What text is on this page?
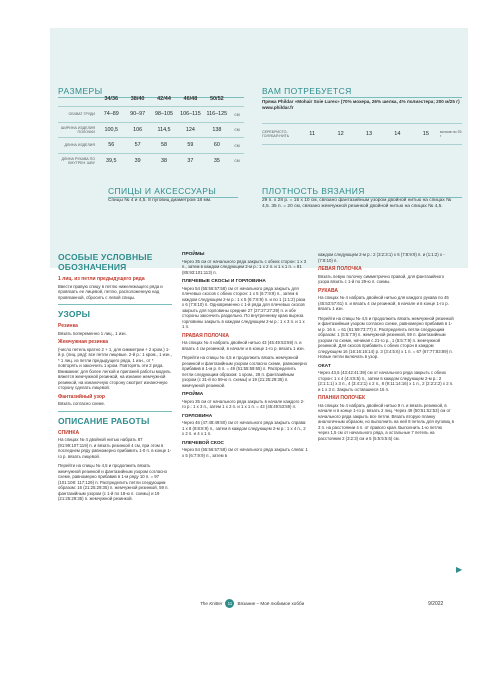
РАЗМЕРЫ	ВАМ ПОТРЕБУЕТСЯ
34/36	38/40	42/44	46/48	50/52
ОБХВАТ ГРУДИ	74–89	90–97	98–105	106–115	116–125	см
ШИРИНА ИЗДЕЛИЯ ПОЛОЧКИ	100,5	106	114,5	124	138	см
ДЛИНА ИЗДЕЛИЯ	56	57	58	59	60	см
ДЛИНА РУКАВА ПО ВНУТРЕН. ШВУ	39,5	39	38	37	35	см
Пряжа Phildar «Mohair Soie Lurex» (70% мохера, 26% шелка, 4% полиэстера; 200 м/25 г)
www.phildar.fr
СЕРЕБРИСТО-ГОЛУБАЯ НИТЬ	11	12	13	14	15	мотков по 25 г
СПИЦЫ И АКСЕССУАРЫ
Спицы № 4 и 4,5. 8 пуговиц диаметром 18 мм.
ПЛОТНОСТЬ ВЯЗАНИЯ
29 п. х 28 р. = 15 х 10 см, связано фантазийным узором двойной нитью на спицах № 4,5. 35 п. = 20 см, связано жемчужной резинкой двойной нитью на спицах № 4,5.
ОСОБЫЕ УСЛОВНЫЕ ОБОЗНАЧЕНИЯ
1 лиц. из петли предыдущего ряда

Ввести правую спицу в петлю нижележащего ряда и провязать ее лицевой, петлю, расположенную над провязанной, сбросить с левой спицы.

УЗОРЫ
Резинка

Вязать попеременно 1 лиц., 1 изн.

Жемчужная резинка

(число петель кратно 2 + 1, для симметрии + 2 кром.) 1-й р. (лиц. ряд): все петли лицевые. 2-й р.: 1 кром., 1 изн., * 1 лиц. из петли предыдущего ряда, 1 изн., от * повторять и закончить 1 кром. Повторять эти 2 ряда. Внимание: для более легкой и пригожей работы модель вяжется жемчужной резинкой, на изнанке жемчужной резинкой, на изнаночную сторону смотрит изнаночную сторону сделать лицевой.

Фантазийный узор

Вязать согласно схеме.

ОПИСАНИЕ РАБОТЫ
СПИНКА

На спицах № 4 двойной нитью набрать 87 (91:99:107:119) п. и вязать резинкой 4 см, при этом в последнем ряду равномерно прибавить 1-0 п. в конце 1-го р. вязать лицевой.

Перейти на спицы № 4,5 и продолжить вязать жемчужной резинкой и фантазийным узором согласно схеме, равномерно прибавив в 1-м ряду 10 п. = 97 (101:108: 117:129) п. Распределить петли следующим образом: 16 (21:25:29:35) п. жемчужной резинкой, 59 п. фантазийным узором (с 1-й по 18-ю п. схемы) и 19 (21:25:29:35) п. жемчужной резинкой.

ПРОЙМЫ

Через 35 см от начального ряда закрыть с обеих сторон: 1 х 3 п., затем в каждом следующем 2-м р.: 1 х 2 п. и 1 х 1 п. = 81 (85:93:101:113) п.

ПЛЕЧЕВЫЕ СКОСЫ И ГОРЛОВИНА

Через 54 (55:56:57:58) см от начального ряда закрыть для плечевых скосов с обеих сторон: 1 х 5 (6:7:9:9) п., затем в каждом следующем 2-м р.: 1 х 5 (6:7:8:9) п. и по 1 (1:1:2) раза х 6 (7:8:10) п. Одновременно с 1-й ряда для плечевых скосов закрыть для горловины средние 27 (27:27:27:29) п. и обе стороны закончить раздельно. По внутреннему краю выреза горловины закрыть в каждом следующем 2-м р.: 1 х 3 п. и 1 х 1 п.

ПРАВАЯ ПОЛОЧКА

На спицах № 4 набрать двойной нитью 43 (45:49:53:59) п. и вязать 4 см резинкой, в начале и в конце 1-го р. вязать 1 изн.

Перейти на спицы № 4,5 и продолжить вязать жемчужной резинкой и фантазийным узором согласно схеме, равномерно прибавив в 1-м р. 6 п. = 49 (51:55:59:65) п. Распределить петли следующим образом: 1 кром., 28 п. фантазийным узором (с 31-й по 59-ю п. схемы) и 19 (21:25:29:35) п. жемчужной резинкой.

ПРОЙМА

Через 35 см от начального ряда закрыть в начале каждого 2-го р.: 1 х 3 п., затем 1 х 2 п. и 1 х 1 п. = 43 (45:49:53:59) п.

ГОРЛОВИНА

Через 46 (47:48:49:50) см от начального ряда закрыть справа: 1 х 8 (8:8:8:9) п., затем в каждом следующем 2-м р.: 1 х 4 п., 2 х 2 п. и 4 х 1 п.

ПЛЕЧЕВОЙ СКОС

Через 54 (55:56:57:58) см от начального ряда закрыть слева: 1 х 5 (6:7:9:9) п., затем в

каждом следующем 2-м р.: 2 (3:2:3:1) х 6 (7:8:9:9) п. и (1:1:2) х -(7:8:10) п.

ЛЕВАЯ ПОЛОЧКА

Вязать левую полочку симметрично правой, для фантазийного узора вязать с 1-й по 29-ю п. схемы.

РУКАВА

На спицах № 4 набрать двойной нитью для каждого рукава по 45 (45:53:57:61) п. и вязать 4 см резинкой, в начале и в конце 1-го р. вязать 1 изн.

Перейти на спицы № 4,5 и продолжить вязать жемчужной резинкой и фантазийным узором согласно схеме, равномерно прибавив в 1-м р. 16 п. = 61 (61:69:73:77) п. Распределить петли следующим образом: 1 (5:5:7:9) п. жемчужной резинкой, 59 п. фантазийным узором по схеме, начиная с 21-го р., 1 (5:5:7:9) п. жемчужной резинкой. Для скосов прибавить с обеих сторон в каждом следующем 16 (16:16:16:14) р. 3 (3:4:5:6) х 1 п. = 67 (67:77:83:89) п. Новые петли включать в узор.

ОКАТ

Через 43,5 (43:42:41:39) см от начального ряда закрыть с обеих сторон: 1 х 4 (4:4:5:5) п., затем в каждом следующем 2-м р.: 2 (2:1:1:1) х 3 п., 4 (3:4:2:1) х 2 п., 8 (9:11:14:16) х 1 п., 2 (2:2:2:2) х 2 п. и 1 х 3 п. Закрыть оставшиеся 15 п.

ПЛАНКИ ПОЛОЧЕК

На спицах № 4 набрать двойной нитью 9 п. и вязать резинкой, в начале и в конце 1-го р. вязать 2 лиц. Через 49 (50:51:52:53) см от начального ряда закрыть все петли. Вязать вторую планку аналогичным образом, но выполнить на ней 8 петель для пуговиц в 3 п. на расстоянии 4 п. от правого края. Выполнить 1-ю петлю через 1,5 см от начального ряда, а остальные 7 петель на расстоянии 2 (3:2:3) см и 5 (5:5:5:5:6) см.

▶
The Knitter	11	Вязание – Моё любимое хобби	9/2022
